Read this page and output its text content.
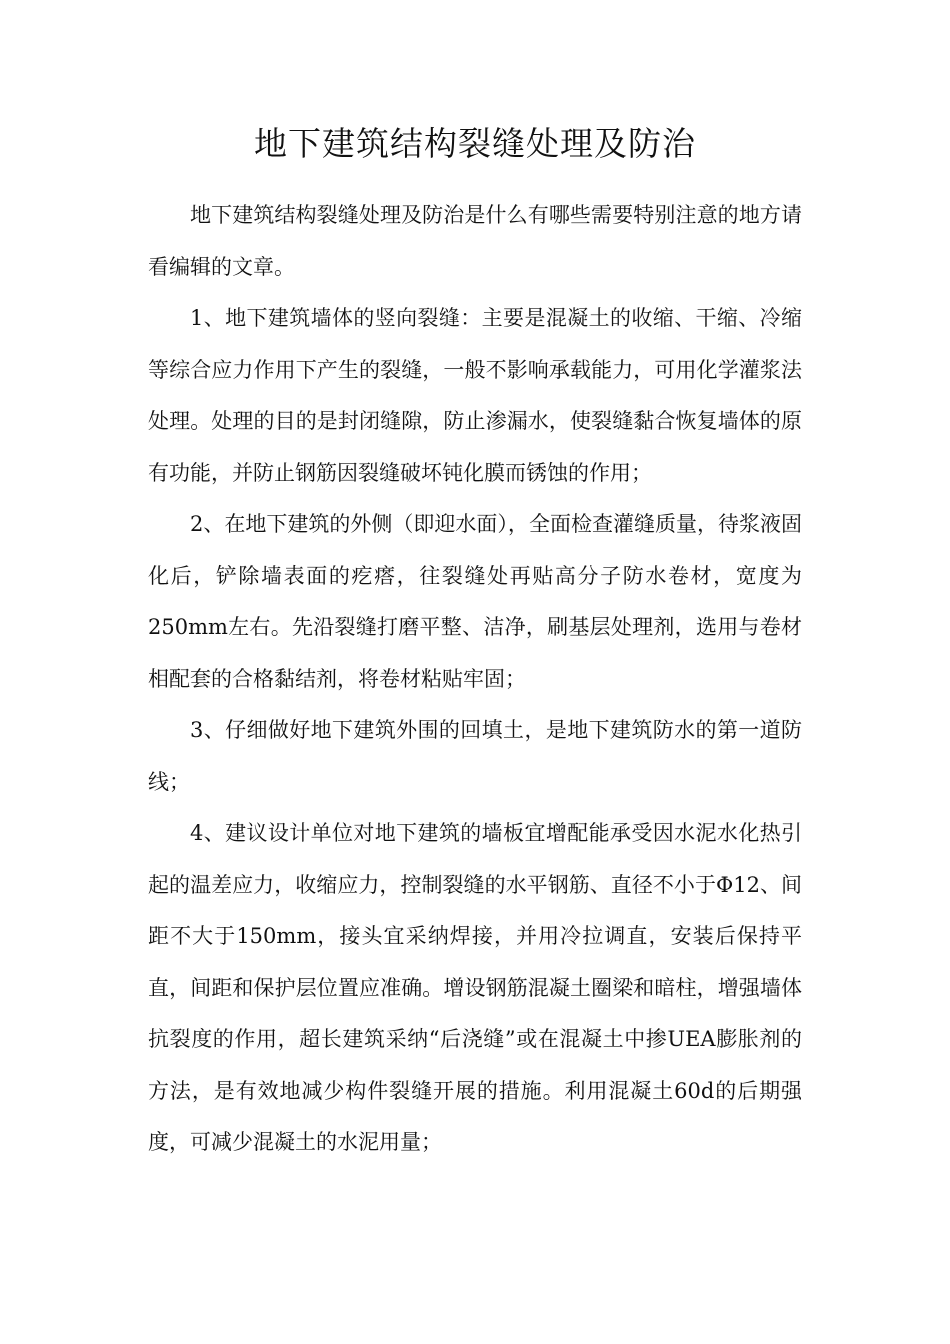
地下建筑结构裂缝处理及防治

地下建筑结构裂缝处理及防治是什么有哪些需要特别注意的地方请看编辑的文章。

1、地下建筑墙体的竖向裂缝：主要是混凝土的收缩、干缩、冷缩等综合应力作用下产生的裂缝，一般不影响承载能力，可用化学灌浆法处理。处理的目的是封闭缝隙，防止渗漏水，使裂缝黏合恢复墙体的原有功能，并防止钢筋因裂缝破坏钝化膜而锈蚀的作用；

2、在地下建筑的外侧（即迎水面），全面检查灌缝质量，待浆液固化后，铲除墙表面的疙瘩，往裂缝处再贴高分子防水卷材，宽度为250mm左右。先沿裂缝打磨平整、洁净，刷基层处理剂，选用与卷材相配套的合格黏结剂，将卷材粘贴牢固；

3、仔细做好地下建筑外围的回填土，是地下建筑防水的第一道防线；

4、建议设计单位对地下建筑的墙板宜增配能承受因水泥水化热引起的温差应力，收缩应力，控制裂缝的水平钢筋、直径不小于Φ12、间距不大于150mm，接头宜采纳焊接，并用冷拉调直，安装后保持平直，间距和保护层位置应准确。增设钢筋混凝土圈梁和暗柱，增强墙体抗裂度的作用，超长建筑采纳“后浇缝”或在混凝土中掺UEA膨胀剂的方法，是有效地减少构件裂缝开展的措施。利用混凝土60d的后期强度，可减少混凝土的水泥用量；
